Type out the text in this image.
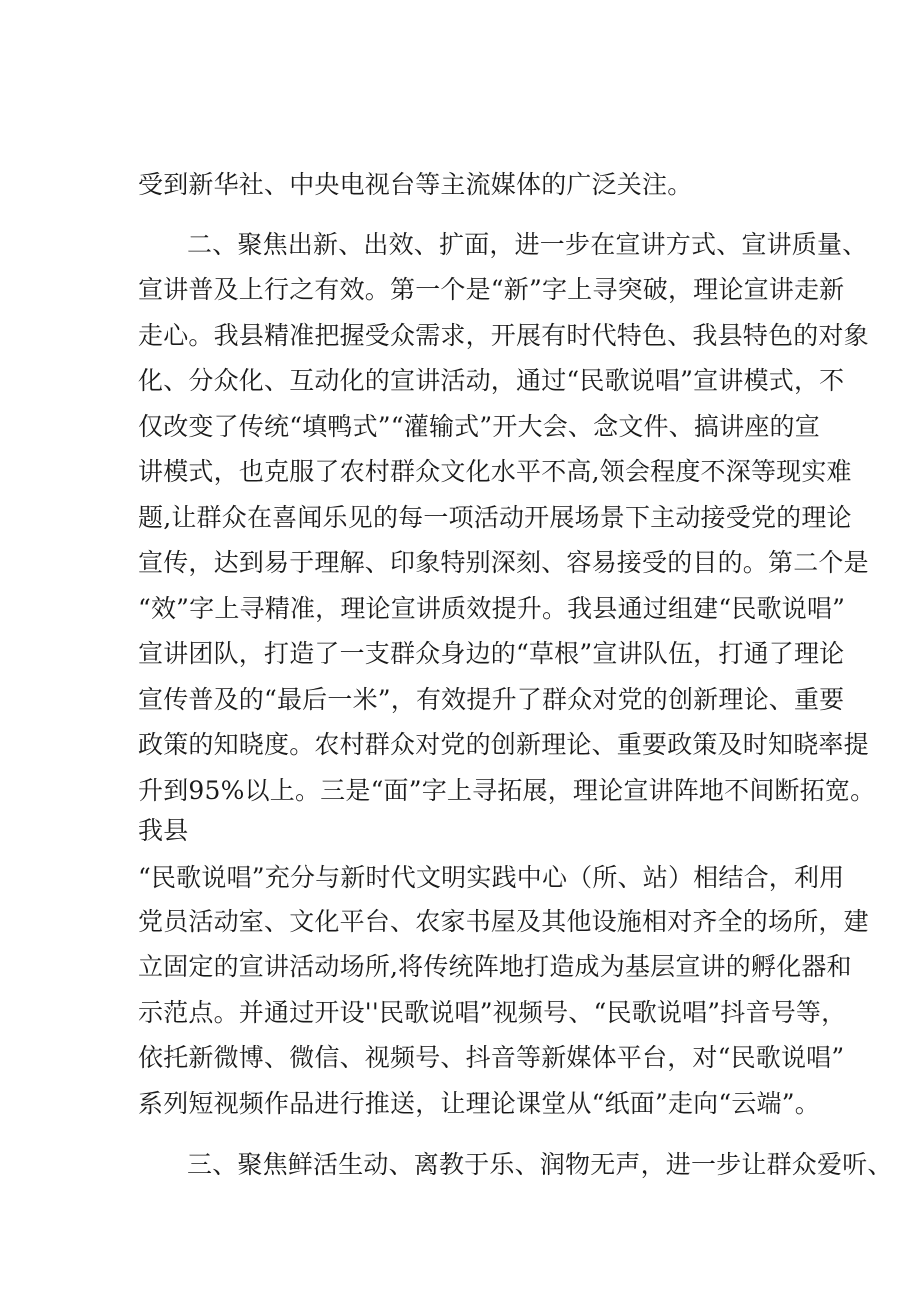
受到新华社、中央电视台等主流媒体的广泛关注。
二、聚焦出新、出效、扩面，进一步在宣讲方式、宣讲质量、
宣讲普及上行之有效。第一个是“新”字上寻突破，理论宣讲走新
走心。我县精准把握受众需求，开展有时代特色、我县特色的对象
化、分众化、互动化的宣讲活动，通过“民歌说唱”宣讲模式，不
仅改变了传统“填鸭式”“灌输式”开大会、念文件、搞讲座的宣
讲模式，也克服了农村群众文化水平不高,领会程度不深等现实难
题,让群众在喜闻乐见的每一项活动开展场景下主动接受党的理论
宣传，达到易于理解、印象特别深刻、容易接受的目的。第二个是
“效”字上寻精准，理论宣讲质效提升。我县通过组建“民歌说唱”
宣讲团队，打造了一支群众身边的“草根”宣讲队伍，打通了理论
宣传普及的“最后一米”，有效提升了群众对党的创新理论、重要
政策的知晓度。农村群众对党的创新理论、重要政策及时知晓率提
升到95%以上。三是“面”字上寻拓展，理论宣讲阵地不间断拓宽。
我县
“民歌说唱”充分与新时代文明实践中心（所、站）相结合，利用
党员活动室、文化平台、农家书屋及其他设施相对齐全的场所，建
立固定的宣讲活动场所,将传统阵地打造成为基层宣讲的孵化器和
示范点。并通过开设''民歌说唱”视频号、“民歌说唱”抖音号等，
依托新微博、微信、视频号、抖音等新媒体平台，对“民歌说唱”
系列短视频作品进行推送，让理论课堂从“纸面”走向“云端”。
三、聚焦鲜活生动、离教于乐、润物无声，进一步让群众爱听、
